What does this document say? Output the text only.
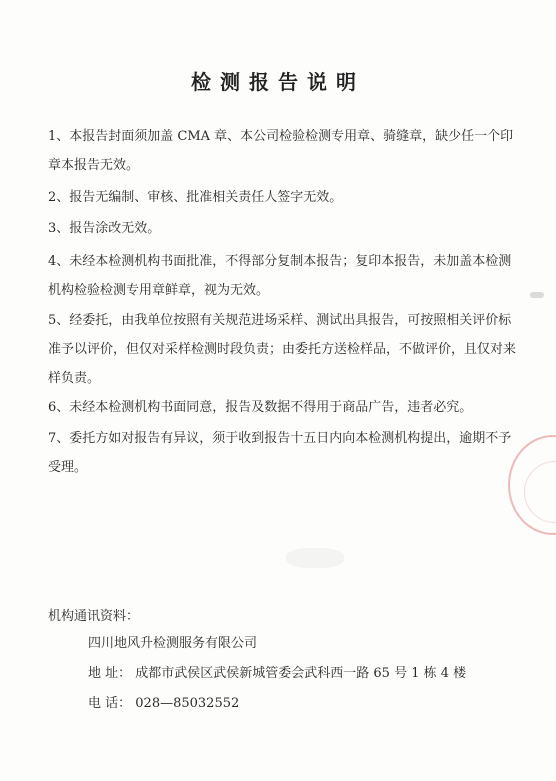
检测报告说明
1、本报告封面须加盖 CMA 章、本公司检验检测专用章、骑缝章，缺少任一个印章本报告无效。
2、报告无编制、审核、批准相关责任人签字无效。
3、报告涂改无效。
4、未经本检测机构书面批准，不得部分复制本报告；复印本报告，未加盖本检测机构检验检测专用章鲜章，视为无效。
5、经委托，由我单位按照有关规范进场采样、测试出具报告，可按照相关评价标准予以评价，但仅对采样检测时段负责；由委托方送检样品，不做评价，且仅对来样负责。
6、未经本检测机构书面同意，报告及数据不得用于商品广告，违者必究。
7、委托方如对报告有异议，须于收到报告十五日内向本检测机构提出，逾期不予受理。
机构通讯资料：
四川地风升检测服务有限公司
地 址： 成都市武侯区武侯新城管委会武科西一路 65 号 1 栋 4 楼
电 话： 028—85032552
